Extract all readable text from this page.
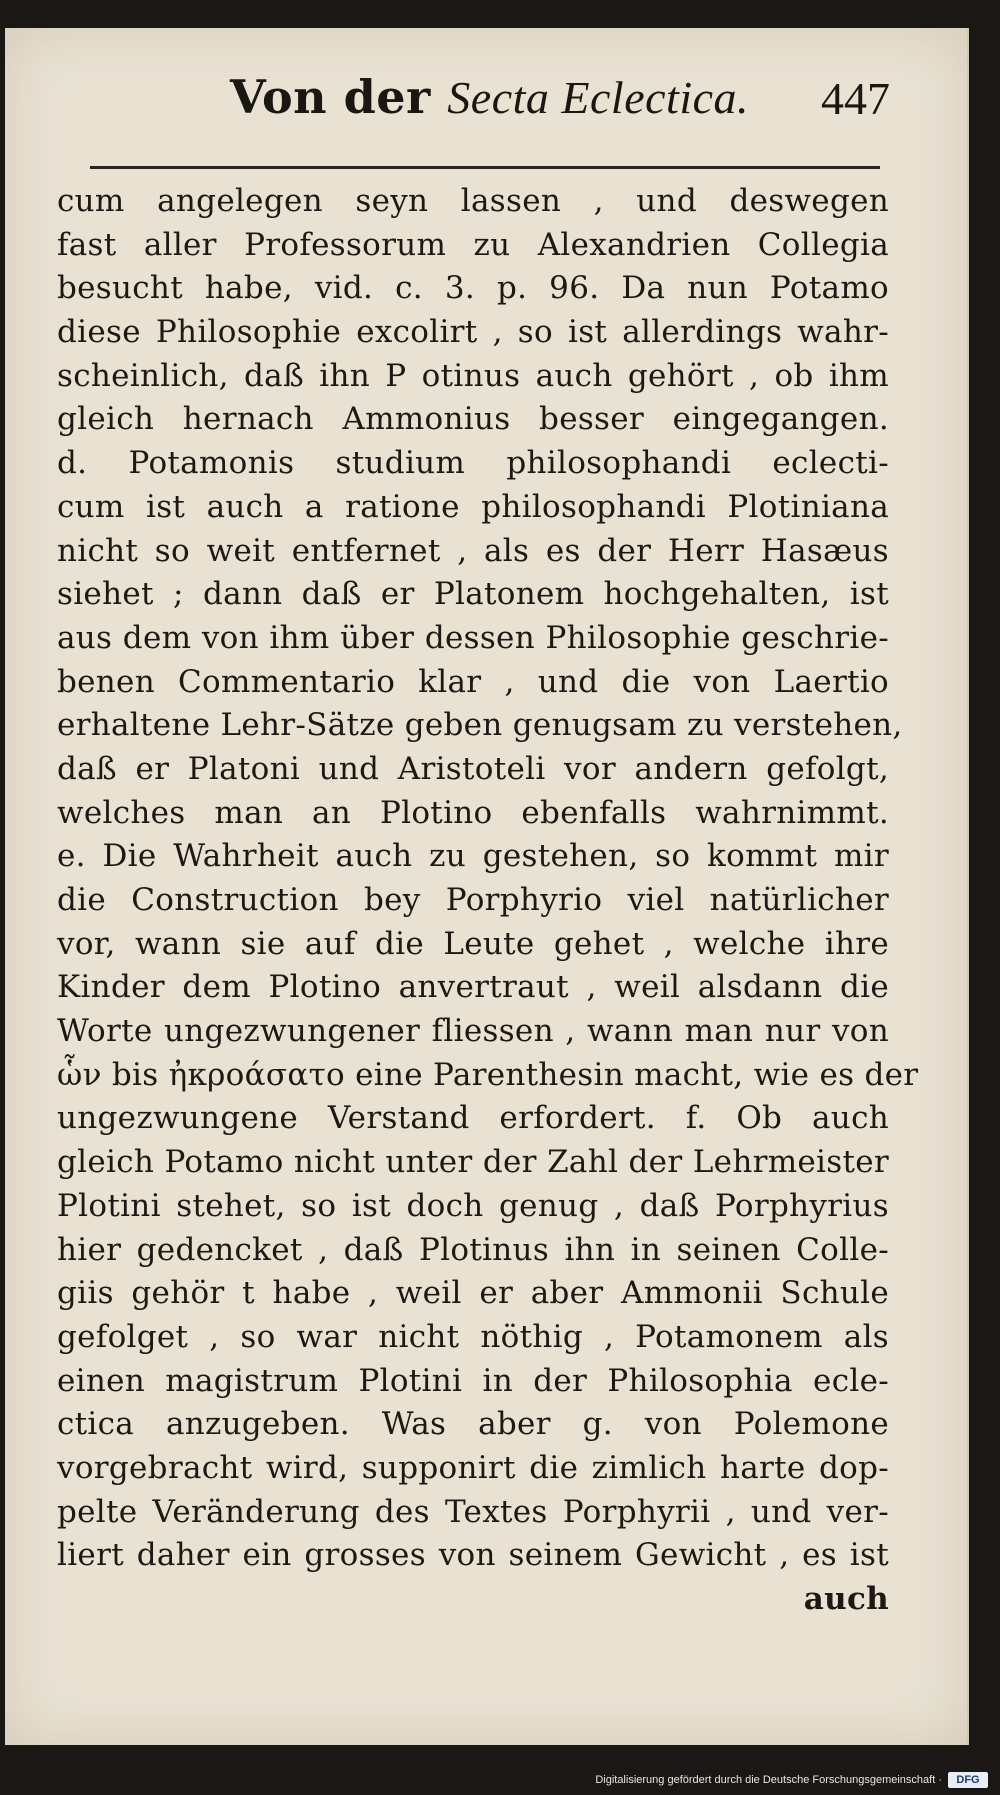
Von der Secta Eclectica. 447
cum angelegen seyn lassen , und deswegen
fast aller Professorum zu Alexandrien Collegia
besucht habe, vid. c. 3. p. 96. Da nun Potamo
diese Philosophie excolirt , so ist allerdings wahr-
scheinlich, daß ihn P otinus auch gehört , ob ihm
gleich hernach Ammonius besser eingegangen.
d. Potamonis studium philosophandi eclecti-
cum ist auch a ratione philosophandi Plotiniana
nicht so weit entfernet , als es der Herr Hasæus
siehet ; dann daß er Platonem hochgehalten, ist
aus dem von ihm über dessen Philosophie geschrie-
benen Commentario klar , und die von Laertio
erhaltene Lehr-Sätze geben genugsam zu verstehen,
daß er Platoni und Aristoteli vor andern gefolgt,
welches man an Plotino ebenfalls wahrnimmt.
e. Die Wahrheit auch zu gestehen, so kommt mir
die Construction bey Porphyrio viel natürlicher
vor, wann sie auf die Leute gehet , welche ihre
Kinder dem Plotino anvertraut , weil alsdann die
Worte ungezwungener fliessen , wann man nur von
ὧν bis ἠκροάσατο eine Parenthesin macht, wie es der
ungezwungene Verstand erfordert. f. Ob auch
gleich Potamo nicht unter der Zahl der Lehrmeister
Plotini stehet, so ist doch genug , daß Porphyrius
hier gedencket , daß Plotinus ihn in seinen Colle-
giis gehör t habe , weil er aber Ammonii Schule
gefolget , so war nicht nöthig , Potamonem als
einen magistrum Plotini in der Philosophia ecle-
ctica anzugeben. Was aber g. von Polemone
vorgebracht wird, supponirt die zimlich harte dop-
pelte Veränderung des Textes Porphyrii , und ver-
liert daher ein grosses von seinem Gewicht , es ist
auch
Digitalisierung gefördert durch die Deutsche Forschungsgemeinschaft ·	DFG
